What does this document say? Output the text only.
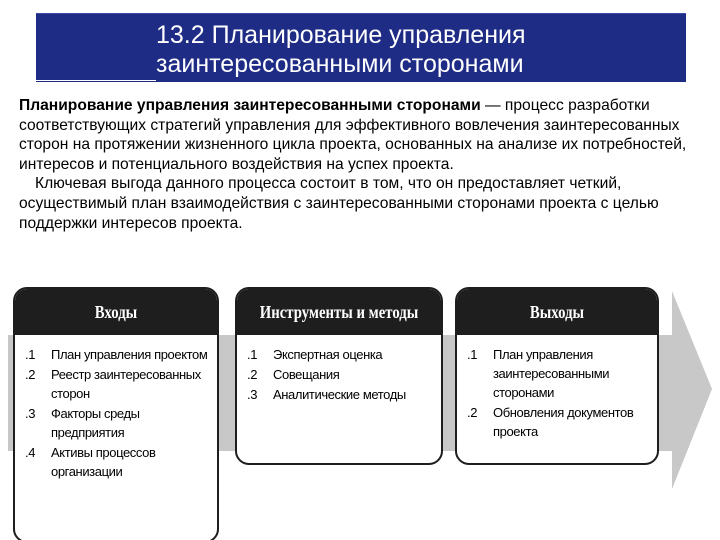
13.2 Планирование управления
заинтересованными сторонами

Планирование управления заинтересованными сторонами — процесс разработки соответствующих стратегий управления для эффективного вовлечения заинтересованных сторон на протяжении жизненного цикла проекта, основанных на анализе их потребностей, интересов и потенциального воздействия на успех проекта.

Ключевая выгода данного процесса состоит в том, что он предоставляет четкий, осуществимый план взаимодействия с заинтересованными сторонами проекта с целью поддержки интересов проекта.

Входы
.1 План управления проектом
.2 Реестр заинтересованных сторон
.3 Факторы среды предприятия
.4 Активы процессов организации
Инструменты и методы
.1 Экспертная оценка
.2 Совещания
.3 Аналитические методы
Выходы
.1 План управления заинтересованными сторонами
.2 Обновления документов проекта
